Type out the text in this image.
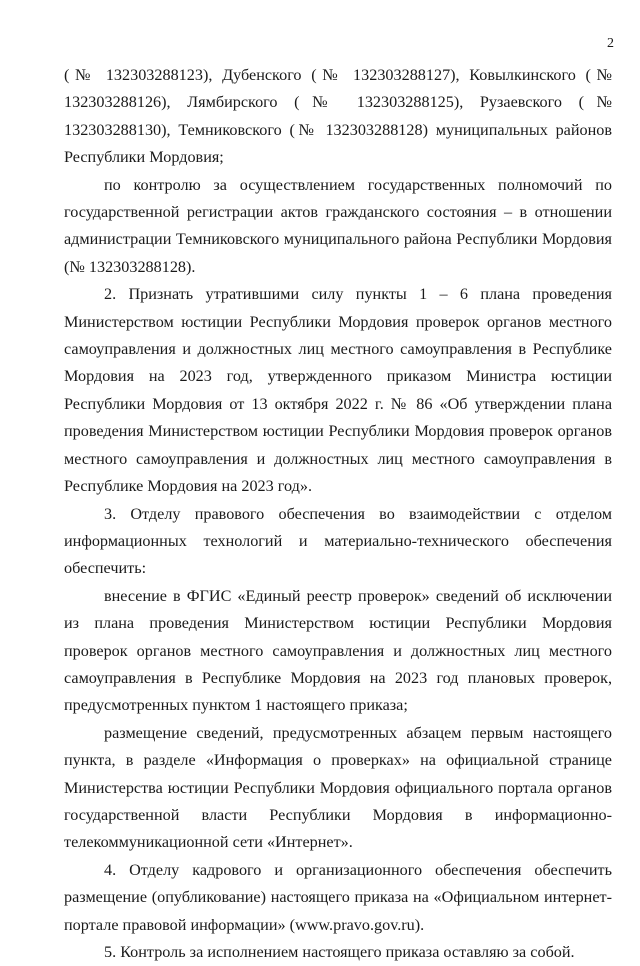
2

(№ 132303288123), Дубенского (№ 132303288127), Ковылкинского (№ 132303288126), Лямбирского (№ 132303288125), Рузаевского (№ 132303288130), Темниковского (№ 132303288128) муниципальных районов Республики Мордовия;

по контролю за осуществлением государственных полномочий по государственной регистрации актов гражданского состояния – в отношении администрации Темниковского муниципального района Республики Мордовия (№ 132303288128).

2. Признать утратившими силу пункты 1 – 6 плана проведения Министерством юстиции Республики Мордовия проверок органов местного самоуправления и должностных лиц местного самоуправления в Республике Мордовия на 2023 год, утвержденного приказом Министра юстиции Республики Мордовия от 13 октября 2022 г. № 86 «Об утверждении плана проведения Министерством юстиции Республики Мордовия проверок органов местного самоуправления и должностных лиц местного самоуправления в Республике Мордовия на 2023 год».

3. Отделу правового обеспечения во взаимодействии с отделом информационных технологий и материально-технического обеспечения обеспечить:

внесение в ФГИС «Единый реестр проверок» сведений об исключении из плана проведения Министерством юстиции Республики Мордовия проверок органов местного самоуправления и должностных лиц местного самоуправления в Республике Мордовия на 2023 год плановых проверок, предусмотренных пунктом 1 настоящего приказа;

размещение сведений, предусмотренных абзацем первым настоящего пункта, в разделе «Информация о проверках» на официальной странице Министерства юстиции Республики Мордовия официального портала органов государственной власти Республики Мордовия в информационно-телекоммуникационной сети «Интернет».

4. Отделу кадрового и организационного обеспечения обеспечить размещение (опубликование) настоящего приказа на «Официальном интернет-портале правовой информации» (www.pravo.gov.ru).

5. Контроль за исполнением настоящего приказа оставляю за собой.
